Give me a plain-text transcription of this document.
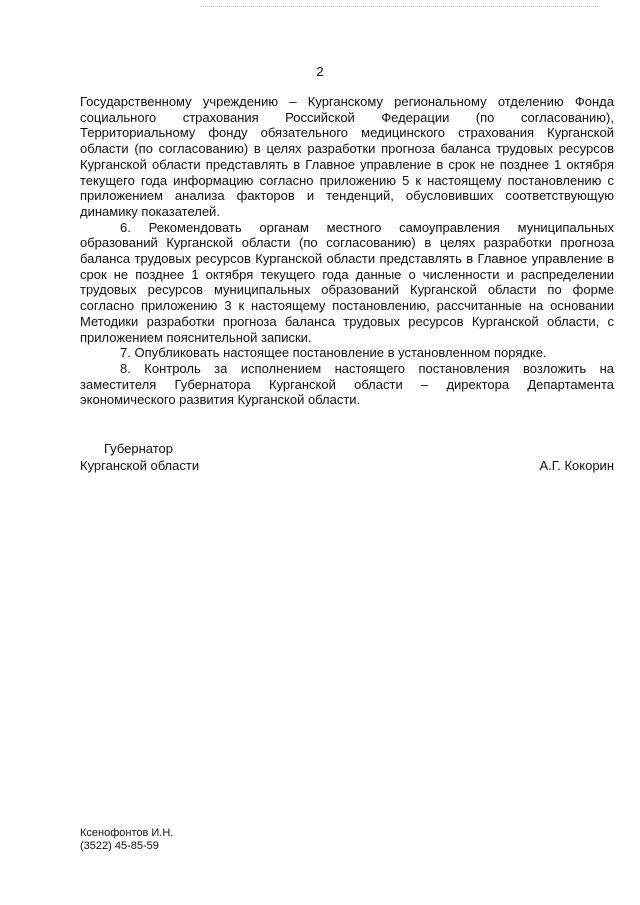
2

Государственному учреждению – Курганскому региональному отделению Фонда социального страхования Российской Федерации (по согласованию), Территориальному фонду обязательного медицинского страхования Курганской области (по согласованию) в целях разработки прогноза баланса трудовых ресурсов Курганской области представлять в Главное управление в срок не позднее 1 октября текущего года информацию согласно приложению 5 к настоящему постановлению с приложением анализа факторов и тенденций, обусловивших соответствующую динамику показателей.

6. Рекомендовать органам местного самоуправления муниципальных образований Курганской области (по согласованию) в целях разработки прогноза баланса трудовых ресурсов Курганской области представлять в Главное управление в срок не позднее 1 октября текущего года данные о численности и распределении трудовых ресурсов муниципальных образований Курганской области по форме согласно приложению 3 к настоящему постановлению, рассчитанные на основании Методики разработки прогноза баланса трудовых ресурсов Курганской области, с приложением пояснительной записки.

7. Опубликовать настоящее постановление в установленном порядке.

8. Контроль за исполнением настоящего постановления возложить на заместителя Губернатора Курганской области – директора Департамента экономического развития Курганской области.

Губернатор
Курганской области	А.Г. Кокорин
Ксенофонтов И.Н.
(3522) 45-85-59
